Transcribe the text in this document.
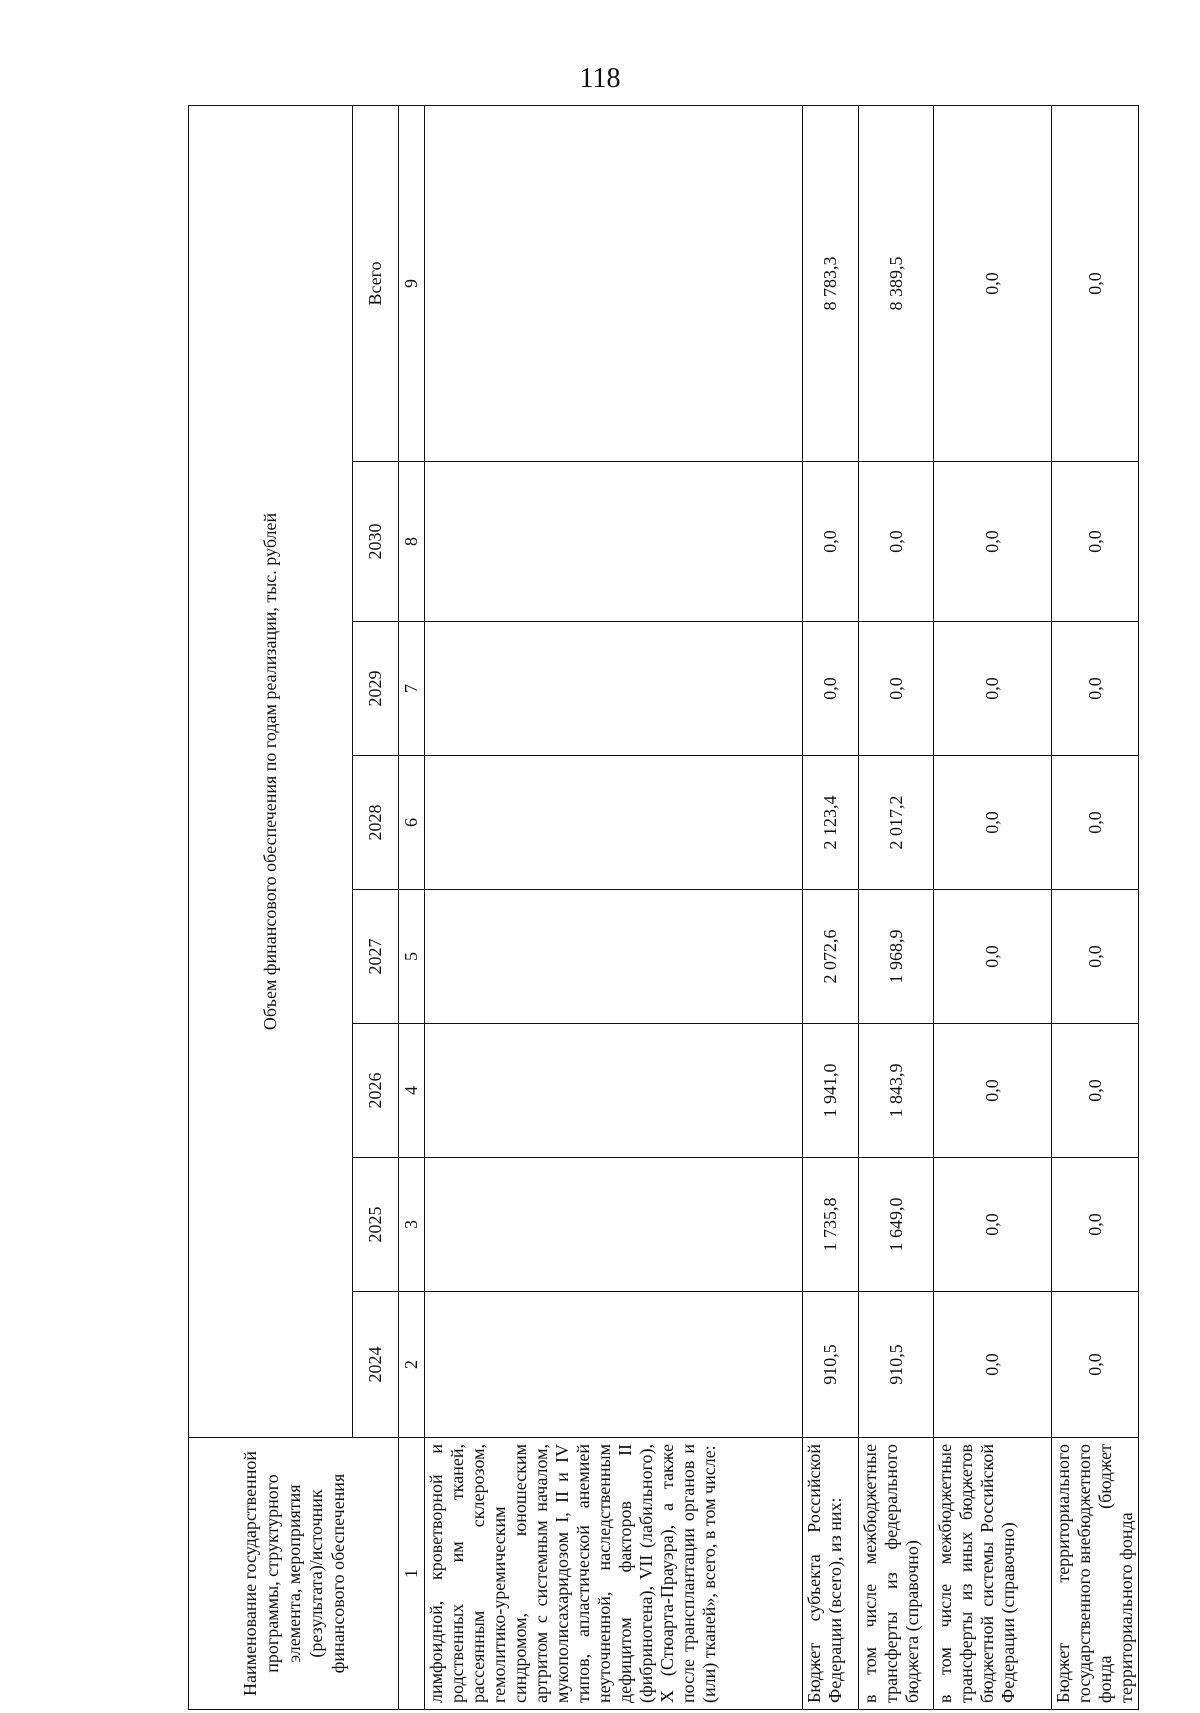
118
Наименование государственной программы, структурного элемента, мероприятия (результата)/источник финансового обеспечения	Объем финансового обеспечения по годам реализации, тыс. рублей							
	2024	2025	2026	2027	2028	2029	2030	Всего
1	2	3	4	5	6	7	8	9
лимфоидной, кроветворной и родственных им тканей, рассеянным склерозом, гемолитико-уремическим синдромом, юношеским артритом с системным началом, мукополисахаридозом I, II и IV типов, апластической анемией неуточненной, наследственным дефицитом факторов II (фибриногена), VII (лабильного), X (Стюарта-Прауэра), а также после трансплантации органов и (или) тканей», всего, в том числе:								
Бюджет субъекта Российской Федерации (всего), из них:	910,5	1 735,8	1 941,0	2 072,6	2 123,4	0,0	0,0	8 783,3
в том числе межбюджетные трансферты из федерального бюджета (справочно)	910,5	1 649,0	1 843,9	1 968,9	2 017,2	0,0	0,0	8 389,5
в том числе межбюджетные трансферты из иных бюджетов бюджетной системы Российской Федерации (справочно)	0,0	0,0	0,0	0,0	0,0	0,0	0,0	0,0
Бюджет территориального государственного внебюджетного фонда (бюджет территориального фонда	0,0	0,0	0,0	0,0	0,0	0,0	0,0	0,0
